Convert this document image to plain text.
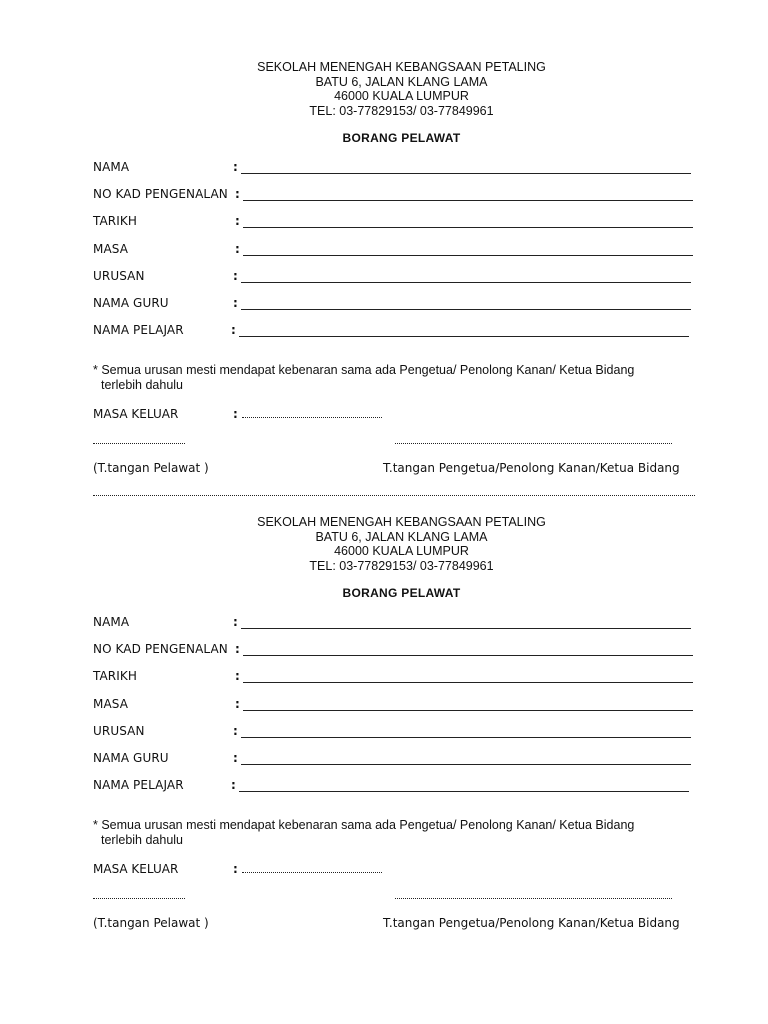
SEKOLAH MENENGAH KEBANGSAAN PETALING
BATU 6, JALAN KLANG LAMA
46000 KUALA LUMPUR
TEL: 03-77829153/ 03-77849961
BORANG PELAWAT
NAMA	:
NO KAD PENGENALAN :
TARIKH	:
MASA	:
URUSAN	:
NAMA GURU	:
NAMA PELAJAR	:
* Semua urusan mesti mendapat kebenaran sama ada Pengetua/ Penolong Kanan/ Ketua Bidang
terlebih dahulu
MASA KELUAR	:
(T.tangan Pelawat )	T.tangan Pengetua/Penolong Kanan/Ketua Bidang
SEKOLAH MENENGAH KEBANGSAAN PETALING
BATU 6, JALAN KLANG LAMA
46000 KUALA LUMPUR
TEL: 03-77829153/ 03-77849961
BORANG PELAWAT
NAMA	:
NO KAD PENGENALAN :
TARIKH	:
MASA	:
URUSAN	:
NAMA GURU	:
NAMA PELAJAR	:
* Semua urusan mesti mendapat kebenaran sama ada Pengetua/ Penolong Kanan/ Ketua Bidang
terlebih dahulu
MASA KELUAR	:
(T.tangan Pelawat )	T.tangan Pengetua/Penolong Kanan/Ketua Bidang
